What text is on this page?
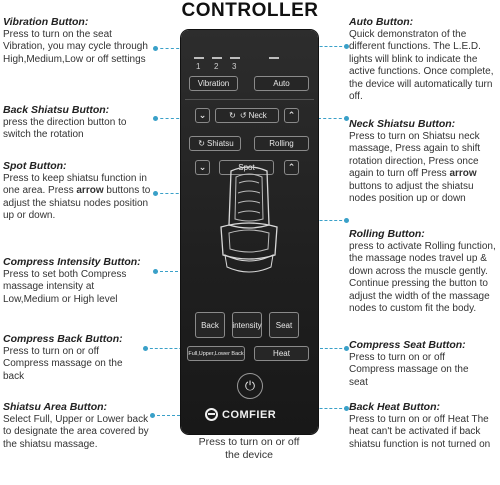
CONTROLLER
Vibration Button:
Press to turn on the seat Vibration, you may cycle through High,Medium,Low or off settings
Back Shiatsu Button:
press the direction button to switch the rotation
Spot Button:
Press to keep shiatsu function in one area. Press arrow buttons to adjust the shiatsu nodes position up or down.
Compress Intensity Button:
Press to set both Compress massage intensity at Low,Medium or High level
Compress Back Button:
Press to turn on or off Compress massage on the back
Shiatsu Area Button:
Select Full, Upper or Lower back to designate the area covered by the shiatsu massage.
Auto Button:
Quick demonstraton of the different functions. The L.E.D. lights will blink to indicate the active functions. Once complete, the device will automatically turn off.
Neck Shiatsu Button:
Press to turn on Shiatsu neck massage, Press again to shift rotation direction, Press once again to turn off Press arrow buttons to adjust the shiatsu nodes position up or down
Rolling Button:
press to activate Rolling function, the massage nodes travel up & down across the muscle gently. Continue pressing the button to adjust the width of the massage nodes to custom fit the body.
Compress Seat Button:
Press to turn on or off Compress massage on the seat
Back Heat Button:
Press to turn on or off Heat The heat can't be activated if back shiatsu function is not turned on
Press to turn on or off the device
1 2 3
Vibration	Auto
⌄	↻ ↺ Neck ⌃
↻ Shiatsu	Rolling
⌄	Spot	⌃
Back	intensity	Seat
Full,Upper,Lower Back	Heat
⏻
COMFIER
